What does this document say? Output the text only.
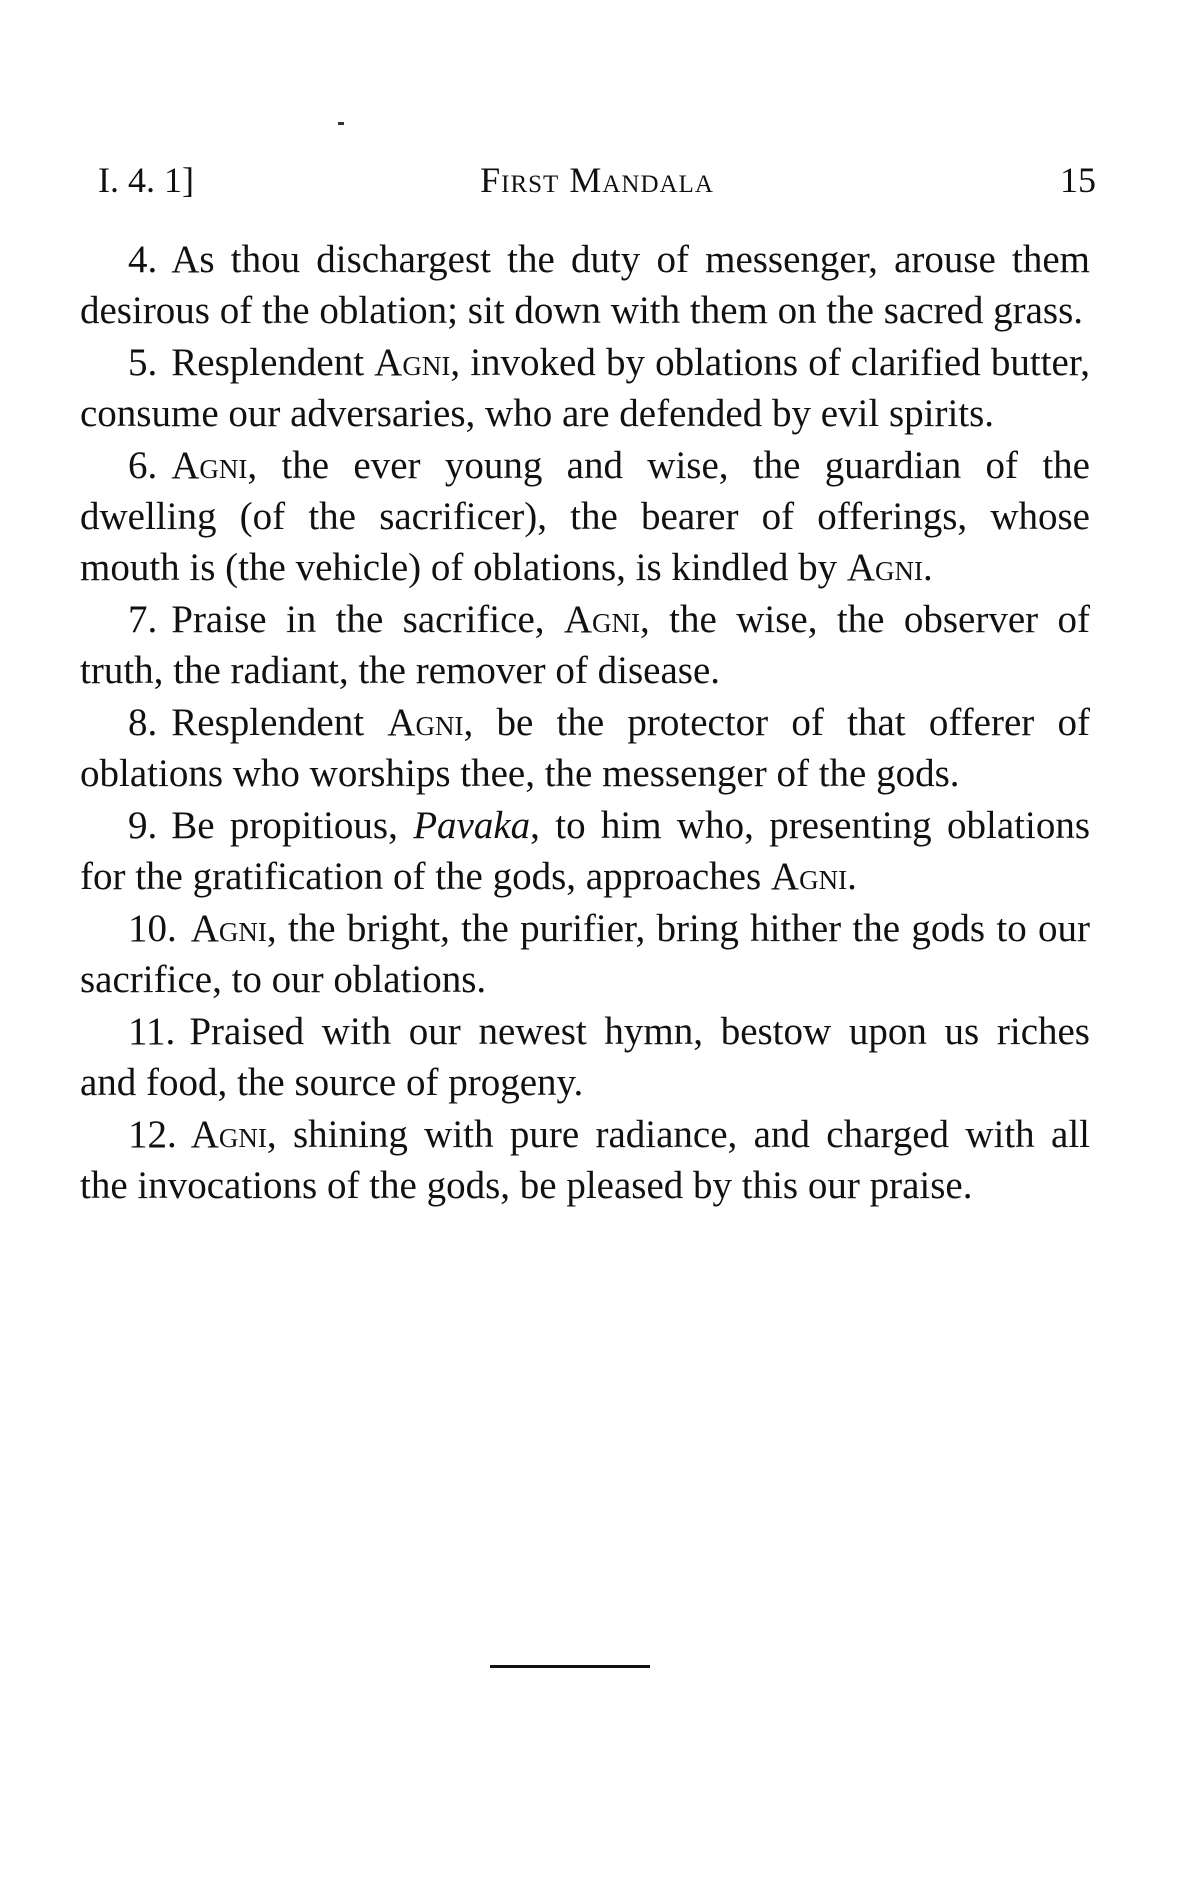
I. 4. 1]	First Mandala	15

4. As thou dischargest the duty of messenger, arouse them desirous of the oblation; sit down with them on the sacred grass.

5. Resplendent Agni, invoked by oblations of clarified butter, consume our adversaries, who are defended by evil spirits.

6. Agni, the ever young and wise, the guardian of the dwelling (of the sacrificer), the bearer of offerings, whose mouth is (the vehicle) of oblations, is kindled by Agni.

7. Praise in the sacrifice, Agni, the wise, the observer of truth, the radiant, the remover of disease.

8. Resplendent Agni, be the protector of that offerer of oblations who worships thee, the messenger of the gods.

9. Be propitious, Pavaka, to him who, presenting oblations for the gratification of the gods, approaches Agni.

10. Agni, the bright, the purifier, bring hither the gods to our sacrifice, to our oblations.

11. Praised with our newest hymn, bestow upon us riches and food, the source of progeny.

12. Agni, shining with pure radiance, and charged with all the invocations of the gods, be pleased by this our praise.
